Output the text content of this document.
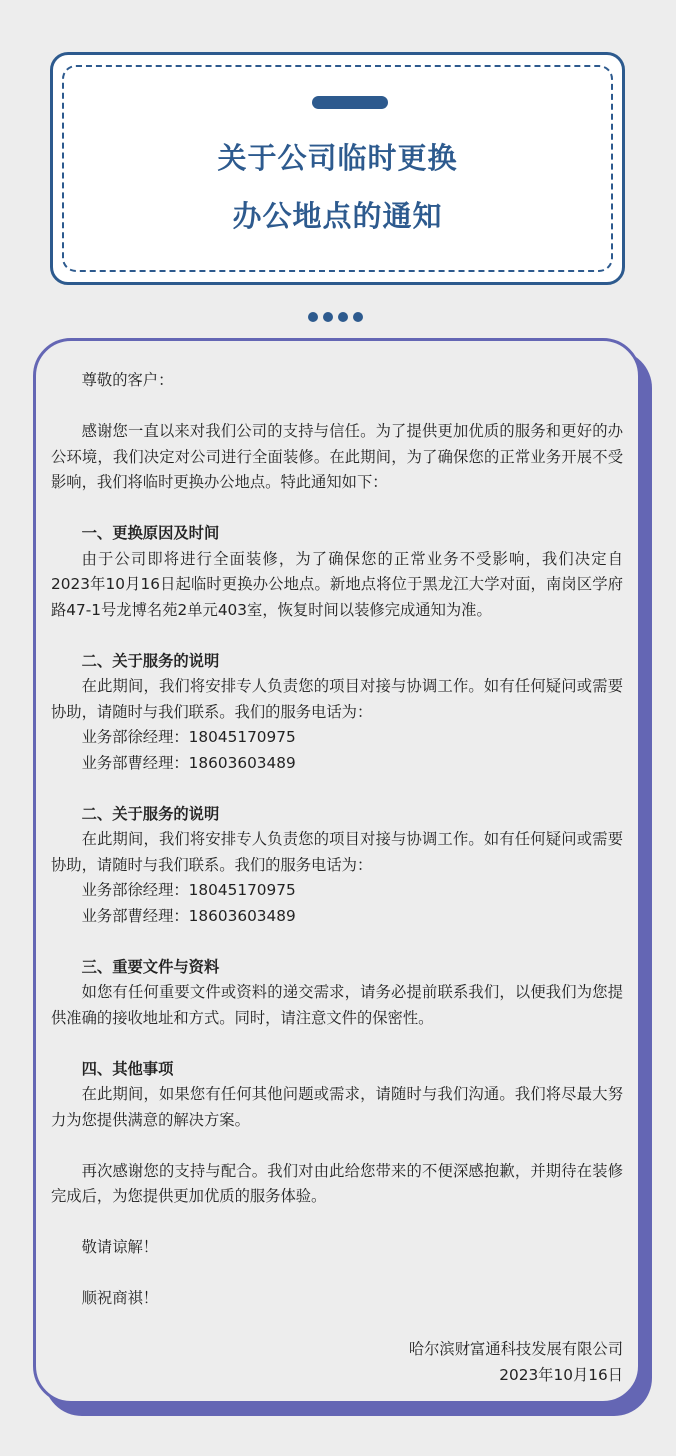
关于公司临时更换
办公地点的通知

尊敬的客户：

感谢您一直以来对我们公司的支持与信任。为了提供更加优质的服务和更好的办公环境，我们决定对公司进行全面装修。在此期间，为了确保您的正常业务开展不受影响，我们将临时更换办公地点。特此通知如下：

一、更换原因及时间

由于公司即将进行全面装修，为了确保您的正常业务不受影响，我们决定自2023年10月16日起临时更换办公地点。新地点将位于黑龙江大学对面，南岗区学府路47-1号龙博名苑2单元403室，恢复时间以装修完成通知为准。

二、关于服务的说明

在此期间，我们将安排专人负责您的项目对接与协调工作。如有任何疑问或需要协助，请随时与我们联系。我们的服务电话为：

业务部徐经理：18045170975

业务部曹经理：18603603489

二、关于服务的说明

在此期间，我们将安排专人负责您的项目对接与协调工作。如有任何疑问或需要协助，请随时与我们联系。我们的服务电话为：

业务部徐经理：18045170975

业务部曹经理：18603603489

三、重要文件与资料

如您有任何重要文件或资料的递交需求，请务必提前联系我们，以便我们为您提供准确的接收地址和方式。同时，请注意文件的保密性。

四、其他事项

在此期间，如果您有任何其他问题或需求，请随时与我们沟通。我们将尽最大努力为您提供满意的解决方案。

再次感谢您的支持与配合。我们对由此给您带来的不便深感抱歉，并期待在装修完成后，为您提供更加优质的服务体验。

敬请谅解！

顺祝商祺！

哈尔滨财富通科技发展有限公司

2023年10月16日
